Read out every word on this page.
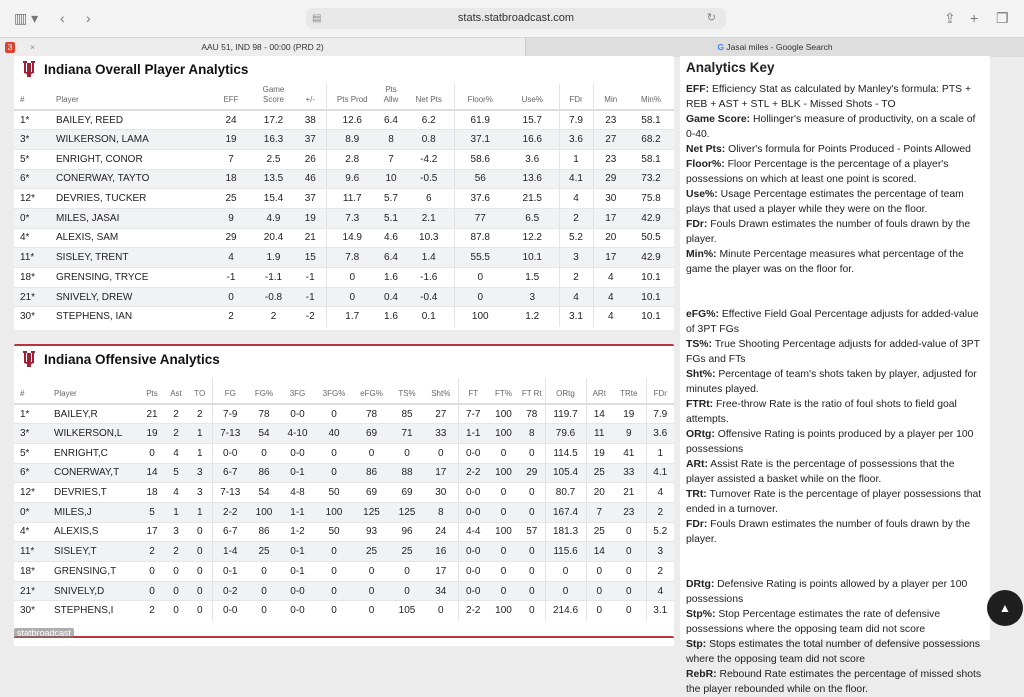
▥ ▾ ‹ ›	▤	stats.statbroadcast.com	↻	⇪ + ❐
3	×	AAU 51, IND 98 - 00:00 (PRD 2)	G Jasai miles - Google Search
Indiana Overall Player Analytics
#	Player	EFF	Game Score	+/-	Pts Prod	Pts Allw	Net Pts	Floor%	Use%	FDr	Min	Min%
1*	BAILEY, REED	24	17.2	38	12.6	6.4	6.2	61.9	15.7	7.9	23	58.1
3*	WILKERSON, LAMA	19	16.3	37	8.9	8	0.8	37.1	16.6	3.6	27	68.2
5*	ENRIGHT, CONOR	7	2.5	26	2.8	7	-4.2	58.6	3.6	1	23	58.1
6*	CONERWAY, TAYTO	18	13.5	46	9.6	10	-0.5	56	13.6	4.1	29	73.2
12*	DEVRIES, TUCKER	25	15.4	37	11.7	5.7	6	37.6	21.5	4	30	75.8
0*	MILES, JASAI	9	4.9	19	7.3	5.1	2.1	77	6.5	2	17	42.9
4*	ALEXIS, SAM	29	20.4	21	14.9	4.6	10.3	87.8	12.2	5.2	20	50.5
11*	SISLEY, TRENT	4	1.9	15	7.8	6.4	1.4	55.5	10.1	3	17	42.9
18*	GRENSING, TRYCE	-1	-1.1	-1	0	1.6	-1.6	0	1.5	2	4	10.1
21*	SNIVELY, DREW	0	-0.8	-1	0	0.4	-0.4	0	3	4	4	10.1
30*	STEPHENS, IAN	2	2	-2	1.7	1.6	0.1	100	1.2	3.1	4	10.1
Indiana Offensive Analytics
#	Player	Pts	Ast	TO	FG	FG%	3FG	3FG%	eFG%	TS%	Sht%	FT	FT%	FT Rt	ORtg	ARt	TRte	FDr
1*	BAILEY,R	21	2	2	7-9	78	0-0	0	78	85	27	7-7	100	78	119.7	14	19	7.9
3*	WILKERSON,L	19	2	1	7-13	54	4-10	40	69	71	33	1-1	100	8	79.6	11	9	3.6
5*	ENRIGHT,C	0	4	1	0-0	0	0-0	0	0	0	0	0-0	0	0	114.5	19	41	1
6*	CONERWAY,T	14	5	3	6-7	86	0-1	0	86	88	17	2-2	100	29	105.4	25	33	4.1
12*	DEVRIES,T	18	4	3	7-13	54	4-8	50	69	69	30	0-0	0	0	80.7	20	21	4
0*	MILES,J	5	1	1	2-2	100	1-1	100	125	125	8	0-0	0	0	167.4	7	23	2
4*	ALEXIS,S	17	3	0	6-7	86	1-2	50	93	96	24	4-4	100	57	181.3	25	0	5.2
11*	SISLEY,T	2	2	0	1-4	25	0-1	0	25	25	16	0-0	0	0	115.6	14	0	3
18*	GRENSING,T	0	0	0	0-1	0	0-1	0	0	0	17	0-0	0	0	0	0	0	2
21*	SNIVELY,D	0	0	0	0-2	0	0-0	0	0	0	34	0-0	0	0	0	0	0	4
30*	STEPHENS,I	2	0	0	0-0	0	0-0	0	0	105	0	2-2	100	0	214.6	0	0	3.1
Analytics Key

EFF: Efficiency Stat as calculated by Manley's formula: PTS + REB + AST + STL + BLK - Missed Shots - TO

Game Score: Hollinger's measure of productivity, on a scale of 0-40.

Net Pts: Oliver's formula for Points Produced - Points Allowed

Floor%: Floor Percentage is the percentage of a player's possessions on which at least one point is scored.

Use%: Usage Percentage estimates the percentage of team plays that used a player while they were on the floor.

FDr: Fouls Drawn estimates the number of fouls drawn by the player.

Min%: Minute Percentage measures what percentage of the game the player was on the floor for.

eFG%: Effective Field Goal Percentage adjusts for added-value of 3PT FGs

TS%: True Shooting Percentage adjusts for added-value of 3PT FGs and FTs

Sht%: Percentage of team's shots taken by player, adjusted for minutes played.

FTRt: Free-throw Rate is the ratio of foul shots to field goal attempts.

ORtg: Offensive Rating is points produced by a player per 100 possessions

ARt: Assist Rate is the percentage of possessions that the player assisted a basket while on the floor.

TRt: Turnover Rate is the percentage of player possessions that ended in a turnover.

FDr: Fouls Drawn estimates the number of fouls drawn by the player.

DRtg: Defensive Rating is points allowed by a player per 100 possessions

Stp%: Stop Percentage estimates the rate of defensive possessions where the opposing team did not score

Stp: Stops estimates the total number of defensive possessions where the opposing team did not score

RebR: Rebound Rate estimates the percentage of missed shots the player rebounded while on the floor.

▲
statbroadcast
